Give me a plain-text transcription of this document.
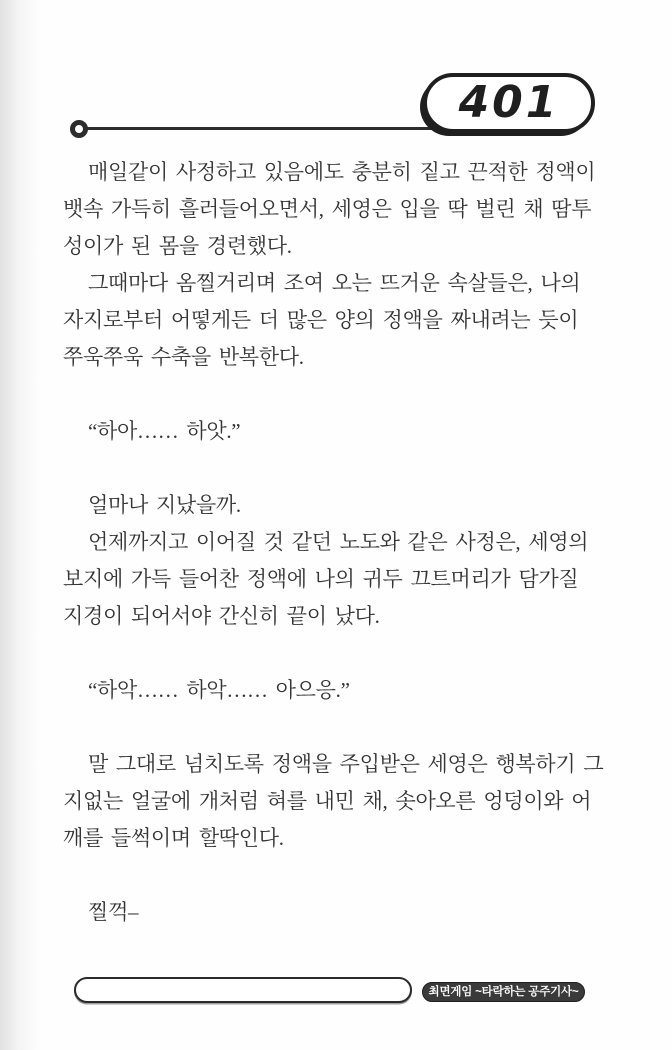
401
매일같이 사정하고 있음에도 충분히 짙고 끈적한 정액이
뱃속 가득히 흘러들어오면서, 세영은 입을 딱 벌린 채 땀투
성이가 된 몸을 경련했다.
그때마다 옴찔거리며 조여 오는 뜨거운 속살들은, 나의
자지로부터 어떻게든 더 많은 양의 정액을 짜내려는 듯이
쭈욱쭈욱 수축을 반복한다.
“하아…… 하앗.”
얼마나 지났을까.
언제까지고 이어질 것 같던 노도와 같은 사정은, 세영의
보지에 가득 들어찬 정액에 나의 귀두 끄트머리가 담가질
지경이 되어서야 간신히 끝이 났다.
“하악…… 하악…… 아으응.”
말 그대로 넘치도록 정액을 주입받은 세영은 행복하기 그
지없는 얼굴에 개처럼 혀를 내민 채, 솟아오른 엉덩이와 어
깨를 들썩이며 할딱인다.
찔꺽–
최면게임 ~타락하는 공주기사~
